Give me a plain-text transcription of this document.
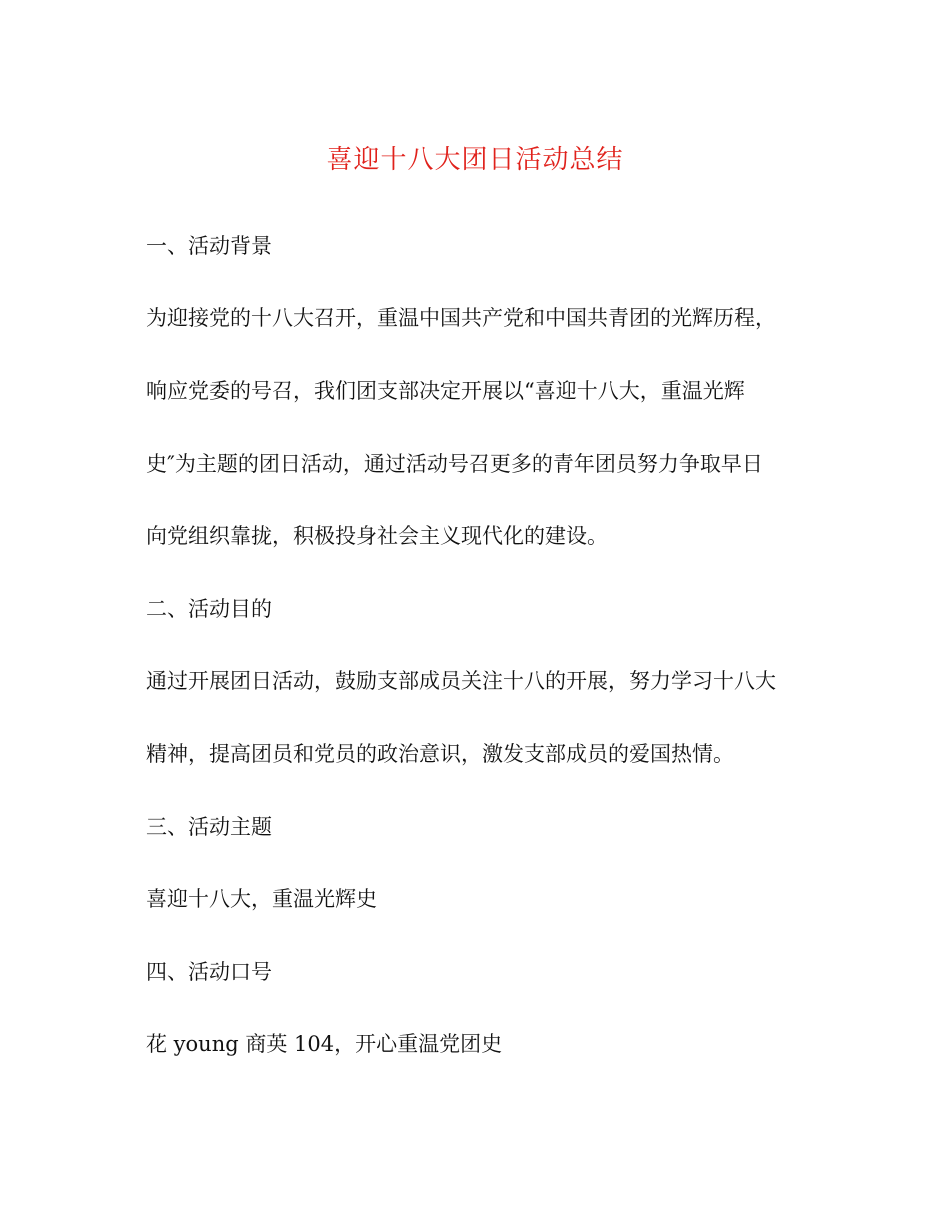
喜迎十八大团日活动总结
一、活动背景
为迎接党的十八大召开，重温中国共产党和中国共青团的光辉历程，
响应党委的号召，我们团支部决定开展以“喜迎十八大，重温光辉
史″为主题的团日活动，通过活动号召更多的青年团员努力争取早日
向党组织靠拢，积极投身社会主义现代化的建设。
二、活动目的
通过开展团日活动，鼓励支部成员关注十八的开展，努力学习十八大
精神，提高团员和党员的政治意识，激发支部成员的爱国热情。
三、活动主题
喜迎十八大，重温光辉史
四、活动口号
花 young 商英 104，开心重温党团史
